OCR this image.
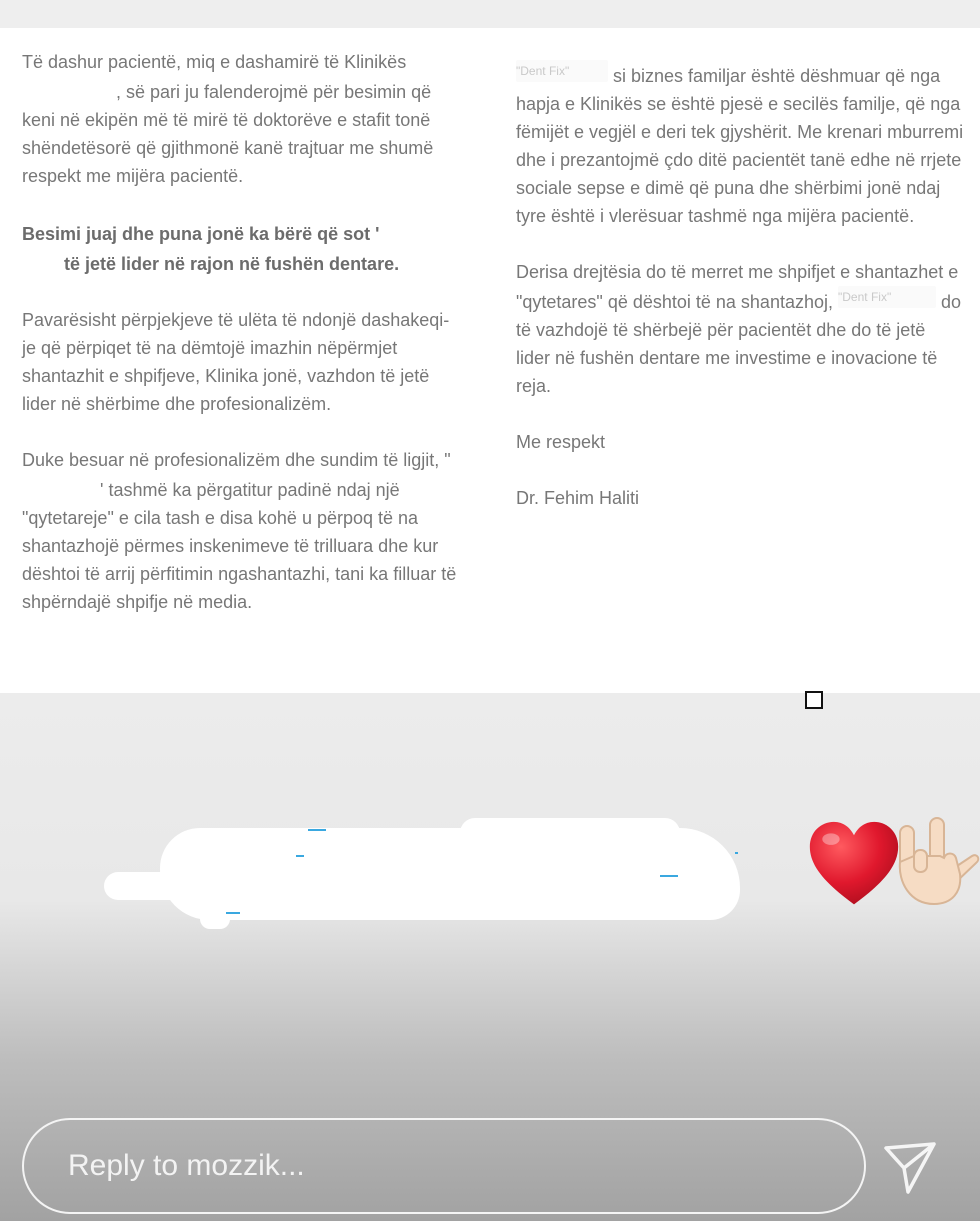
Të dashur pacientë, miq e dashamirë të Klinikës , së pari ju falenderojmë për besimin që keni në ekipën më të mirë të doktorëve e stafit tonë shëndetësorë që gjithmonë kanë trajtuar me shumë respekt me mijëra pacientë.

Besimi juaj dhe puna jonë ka bërë që sot ' të jetë lider në rajon në fushën dentare.

Pavarësisht përpjekjeve të ulëta të ndonjë dashakeqi-je që përpiqet të na dëmtojë imazhin nëpërmjet shantazhit e shpifjeve, Klinika jonë, vazhdon të jetë lider në shërbime dhe profesionalizëm.

Duke besuar në profesionalizëm dhe sundim të ligjit, "' tashmë ka përgatitur padinë ndaj një "qytetareje" e cila tash e disa kohë u përpoq të na shantazhojë përmes inskenimeve të trilluara dhe kur dështoi të arrij përfitimin ngashantazhi, tani ka filluar të shpërndajë shpifje në media.

"Dent Fix" si biznes familjar është dëshmuar që nga hapja e Klinikës se është pjesë e secilës familje, që nga fëmijët e vegjël e deri tek gjyshërit. Me krenari mburremi dhe i prezantojmë çdo ditë pacientët tanë edhe në rrjete sociale sepse e dimë që puna dhe shërbimi jonë ndaj tyre është i vlerësuar tashmë nga mijëra pacientë.

Derisa drejtësia do të merret me shpifjet e shantazhet e "qytetares" që dështoi të na shantazhoj, "Dent Fix" do të vazhdojë të shërbejë për pacientët dhe do të jetë lider në fushën dentare me investime e inovacione të reja.

Me respekt

Dr. Fehim Haliti

Reply to mozzik...
